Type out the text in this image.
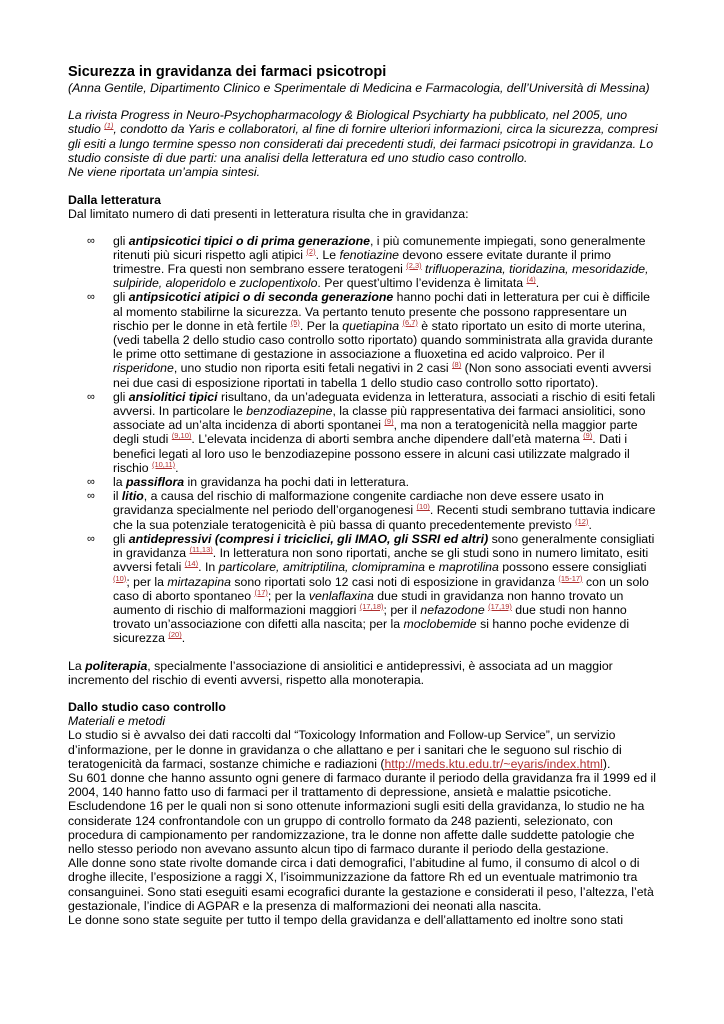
Sicurezza in gravidanza dei farmaci psicotropi

(Anna Gentile, Dipartimento Clinico e Sperimentale di Medicina e Farmacologia, dell’Università di Messina)

La rivista Progress in Neuro-Psychopharmacology & Biological Psychiarty ha pubblicato, nel 2005, uno studio $^{(1)}$, condotto da Yaris e collaboratori, al fine di fornire ulteriori informazioni, circa la sicurezza, compresi gli esiti a lungo termine spesso non considerati dai precedenti studi, dei farmaci psicotropi in gravidanza. Lo studio consiste di due parti: una analisi della letteratura ed uno studio caso controllo.
Ne viene riportata un’ampia sintesi.

Dalla letteratura

Dal limitato numero di dati presenti in letteratura risulta che in gravidanza:

∞ gli antipsicotici tipici o di prima generazione, i più comunemente impiegati, sono generalmente ritenuti più sicuri rispetto agli atipici $^{(2)}$. Le fenotiazine devono essere evitate durante il primo trimestre. Fra questi non sembrano essere teratogeni $^{(2,3)}$ trifluoperazina, tioridazina, mesoridazide, sulpiride, aloperidolo e zuclopentixolo. Per quest’ultimo l’evidenza è limitata $^{(4)}$.
∞ gli antipsicotici atipici o di seconda generazione hanno pochi dati in letteratura per cui è difficile al momento stabilirne la sicurezza. Va pertanto tenuto presente che possono rappresentare un rischio per le donne in età fertile $^{(5)}$. Per la quetiapina $^{(6,7)}$ è stato riportato un esito di morte uterina, (vedi tabella 2 dello studio caso controllo sotto riportato) quando somministrata alla gravida durante le prime otto settimane di gestazione in associazione a fluoxetina ed acido valproico. Per il risperidone, uno studio non riporta esiti fetali negativi in 2 casi $^{(8)}$ (Non sono associati eventi avversi nei due casi di esposizione riportati in tabella 1 dello studio caso controllo sotto riportato).
∞ gli ansiolitici tipici risultano, da un’adeguata evidenza in letteratura, associati a rischio di esiti fetali avversi. In particolare le benzodiazepine, la classe più rappresentativa dei farmaci ansiolitici, sono associate ad un’alta incidenza di aborti spontanei $^{(9)}$, ma non a teratogenicità nella maggior parte degli studi $^{(9,10)}$. L’elevata incidenza di aborti sembra anche dipendere dall’età materna $^{(9)}$. Dati i benefici legati al loro uso le benzodiazepine possono essere in alcuni casi utilizzate malgrado il rischio $^{(10,11)}$.
∞ la passiflora in gravidanza ha pochi dati in letteratura.
∞ il litio, a causa del rischio di malformazione congenite cardiache non deve essere usato in gravidanza specialmente nel periodo dell’organogenesi $^{(10)}$. Recenti studi sembrano tuttavia indicare che la sua potenziale teratogenicità è più bassa di quanto precedentemente previsto $^{(12)}$.
∞ gli antidepressivi (compresi i triciclici, gli IMAO, gli SSRI ed altri) sono generalmente consigliati in gravidanza $^{(11,13)}$. In letteratura non sono riportati, anche se gli studi sono in numero limitato, esiti avversi fetali $^{(14)}$. In particolare, amitriptilina, clomipramina e maprotilina possono essere consigliati $^{(10)}$; per la mirtazapina sono riportati solo 12 casi noti di esposizione in gravidanza $^{(15-17)}$ con un solo caso di aborto spontaneo $^{(17)}$; per la venlaflaxina due studi in gravidanza non hanno trovato un aumento di rischio di malformazioni maggiori $^{(17,18)}$; per il nefazodone $^{(17,19)}$ due studi non hanno trovato un’associazione con difetti alla nascita; per la moclobemide si hanno poche evidenze di sicurezza $^{(20)}$.

La politerapia, specialmente l’associazione di ansiolitici e antidepressivi, è associata ad un maggior incremento del rischio di eventi avversi, rispetto alla monoterapia.

Dallo studio caso controllo

Materiali e metodi

Lo studio si è avvalso dei dati raccolti dal “Toxicology Information and Follow-up Service”, un servizio d’informazione, per le donne in gravidanza o che allattano e per i sanitari che le seguono sul rischio di teratogenicità da farmaci, sostanze chimiche e radiazioni (http://meds.ktu.edu.tr/~eyaris/index.html).

Su 601 donne che hanno assunto ogni genere di farmaco durante il periodo della gravidanza fra il 1999 ed il 2004, 140 hanno fatto uso di farmaci per il trattamento di depressione, ansietà e malattie psicotiche.

Escludendone 16 per le quali non si sono ottenute informazioni sugli esiti della gravidanza, lo studio ne ha considerate 124 confrontandole con un gruppo di controllo formato da 248 pazienti, selezionato, con procedura di campionamento per randomizzazione, tra le donne non affette dalle suddette patologie che nello stesso periodo non avevano assunto alcun tipo di farmaco durante il periodo della gestazione.

Alle donne sono state rivolte domande circa i dati demografici, l’abitudine al fumo, il consumo di alcol o di droghe illecite, l’esposizione a raggi X, l’isoimmunizzazione da fattore Rh ed un eventuale matrimonio tra consanguinei. Sono stati eseguiti esami ecografici durante la gestazione e considerati il peso, l’altezza, l’età gestazionale, l’indice di AGPAR e la presenza di malformazioni dei neonati alla nascita.

Le donne sono state seguite per tutto il tempo della gravidanza e dell’allattamento ed inoltre sono stati
